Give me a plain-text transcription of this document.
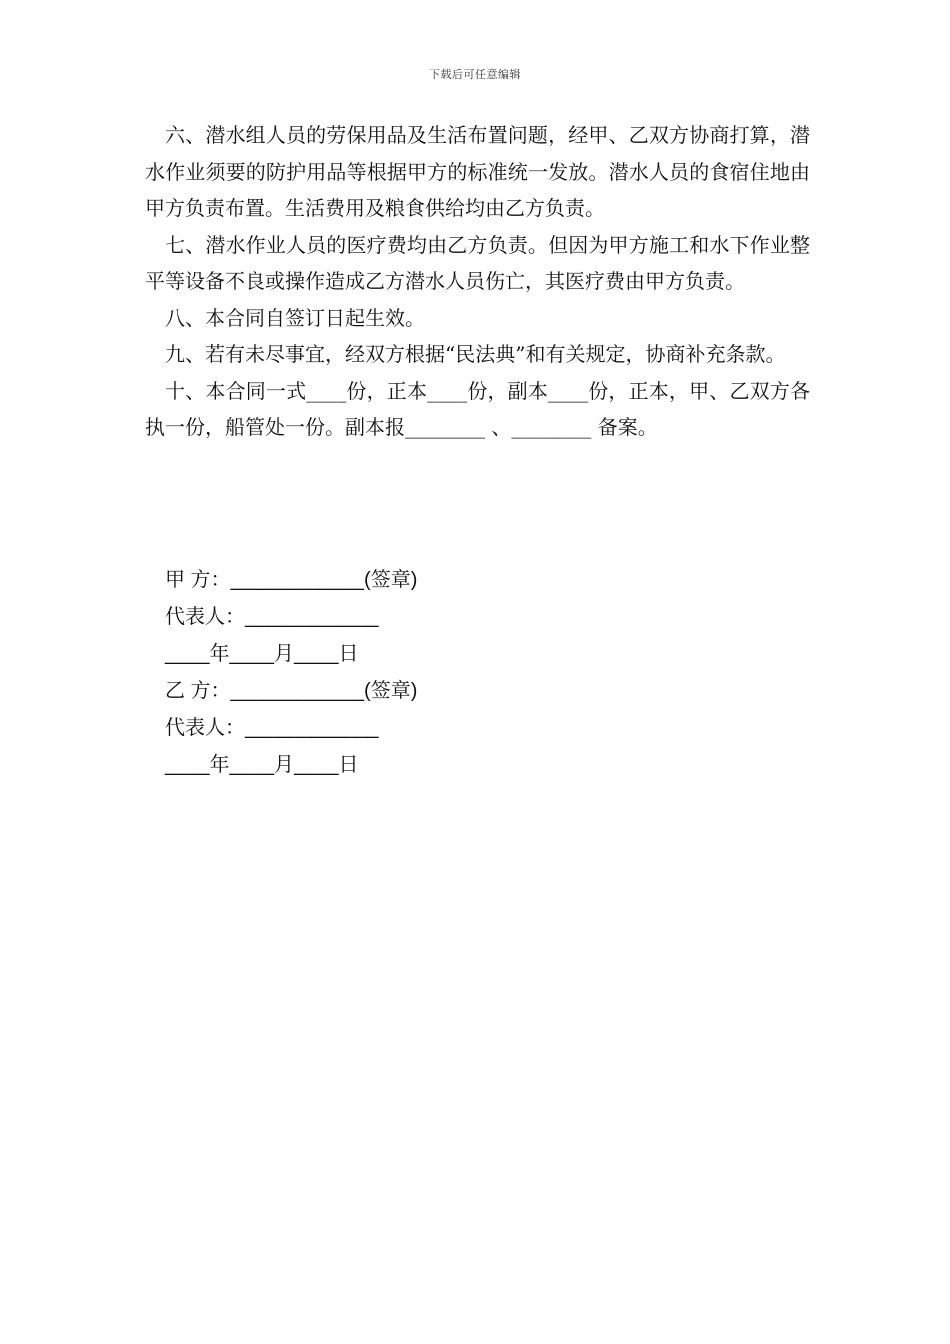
下载后可任意编辑

六、潜水组人员的劳保用品及生活布置问题，经甲、乙双方协商打算，潜水作业须要的防护用品等根据甲方的标准统一发放。潜水人员的食宿住地由甲方负责布置。生活费用及粮食供给均由乙方负责。

七、潜水作业人员的医疗费均由乙方负责。但因为甲方施工和水下作业整平等设备不良或操作造成乙方潜水人员伤亡，其医疗费由甲方负责。

八、本合同自签订日起生效。

九、若有未尽事宜，经双方根据“民法典”和有关规定，协商补充条款。

十、本合同一式____份，正本____份，副本____份，正本，甲、乙双方各执一份，船管处一份。副本报________ 、________ 备案。

甲 方：____________(签章)
代表人：____________
____年____月____日
乙 方：____________(签章)
代表人：____________
____年____月____日
